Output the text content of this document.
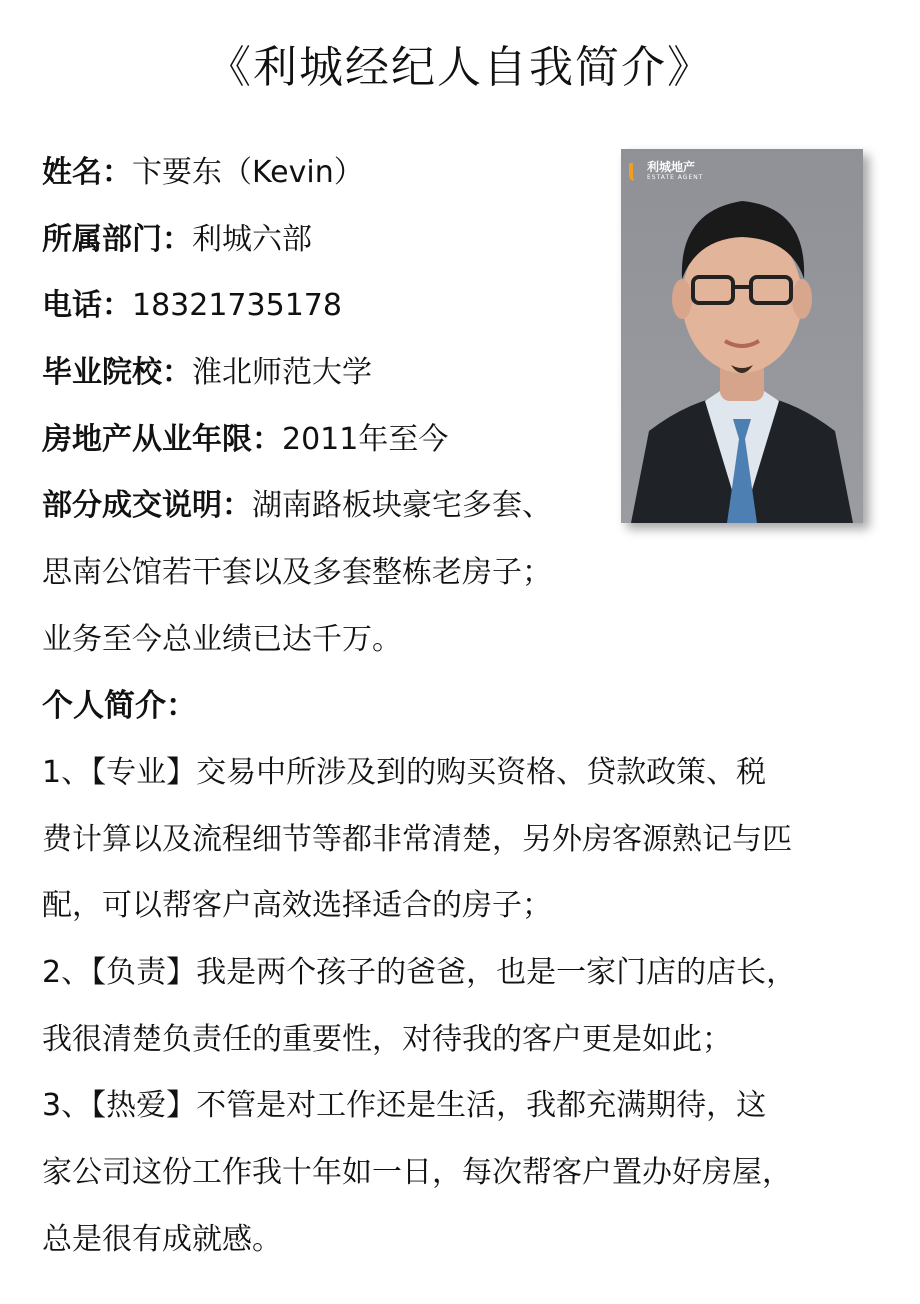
《利城经纪人自我简介》
姓名：卞要东（Kevin）
所属部门：利城六部
电话：18321735178
毕业院校：淮北师范大学
房地产从业年限：2011年至今
部分成交说明：湖南路板块豪宅多套、
思南公馆若干套以及多套整栋老房子；
业务至今总业绩已达千万。
利城地产
ESTATE AGENT
个人简介：
1、【专业】交易中所涉及到的购买资格、贷款政策、税
费计算以及流程细节等都非常清楚，另外房客源熟记与匹
配，可以帮客户高效选择适合的房子；
2、【负责】我是两个孩子的爸爸，也是一家门店的店长，
我很清楚负责任的重要性，对待我的客户更是如此；
3、【热爱】不管是对工作还是生活，我都充满期待，这
家公司这份工作我十年如一日，每次帮客户置办好房屋，
总是很有成就感。
